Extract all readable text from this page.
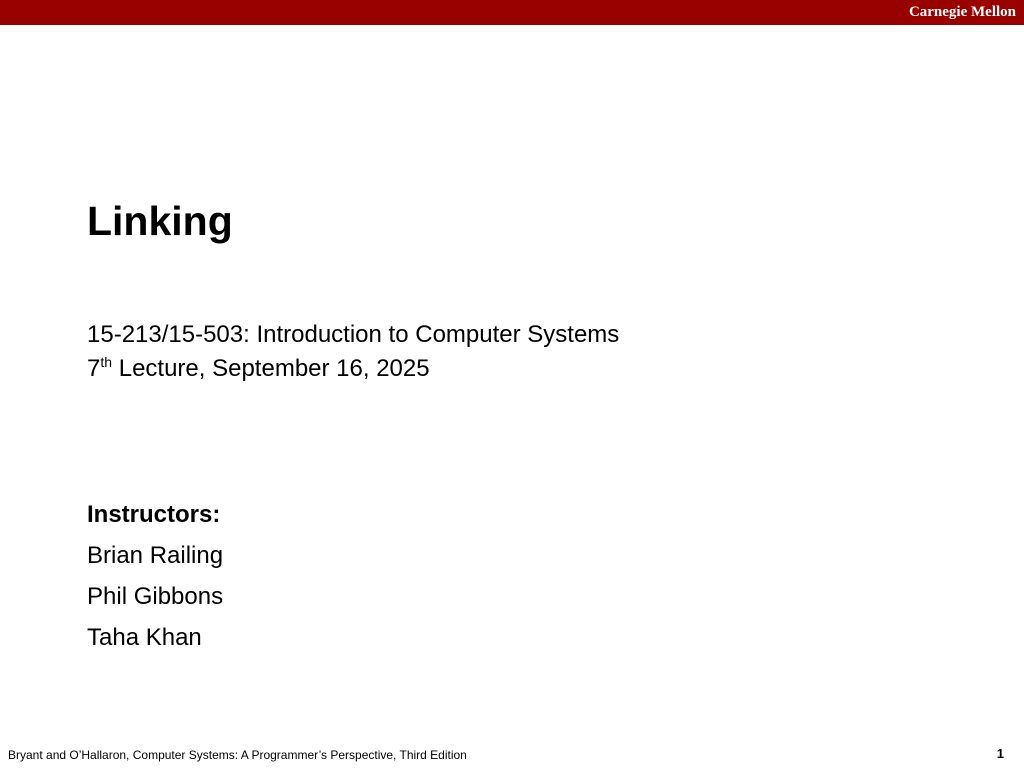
Carnegie Mellon
Linking
15-213/15-503: Introduction to Computer Systems
7th Lecture, September 16, 2025
Instructors:
Brian Railing
Phil Gibbons
Taha Khan
Bryant and O’Hallaron, Computer Systems: A Programmer’s Perspective, Third Edition	1
